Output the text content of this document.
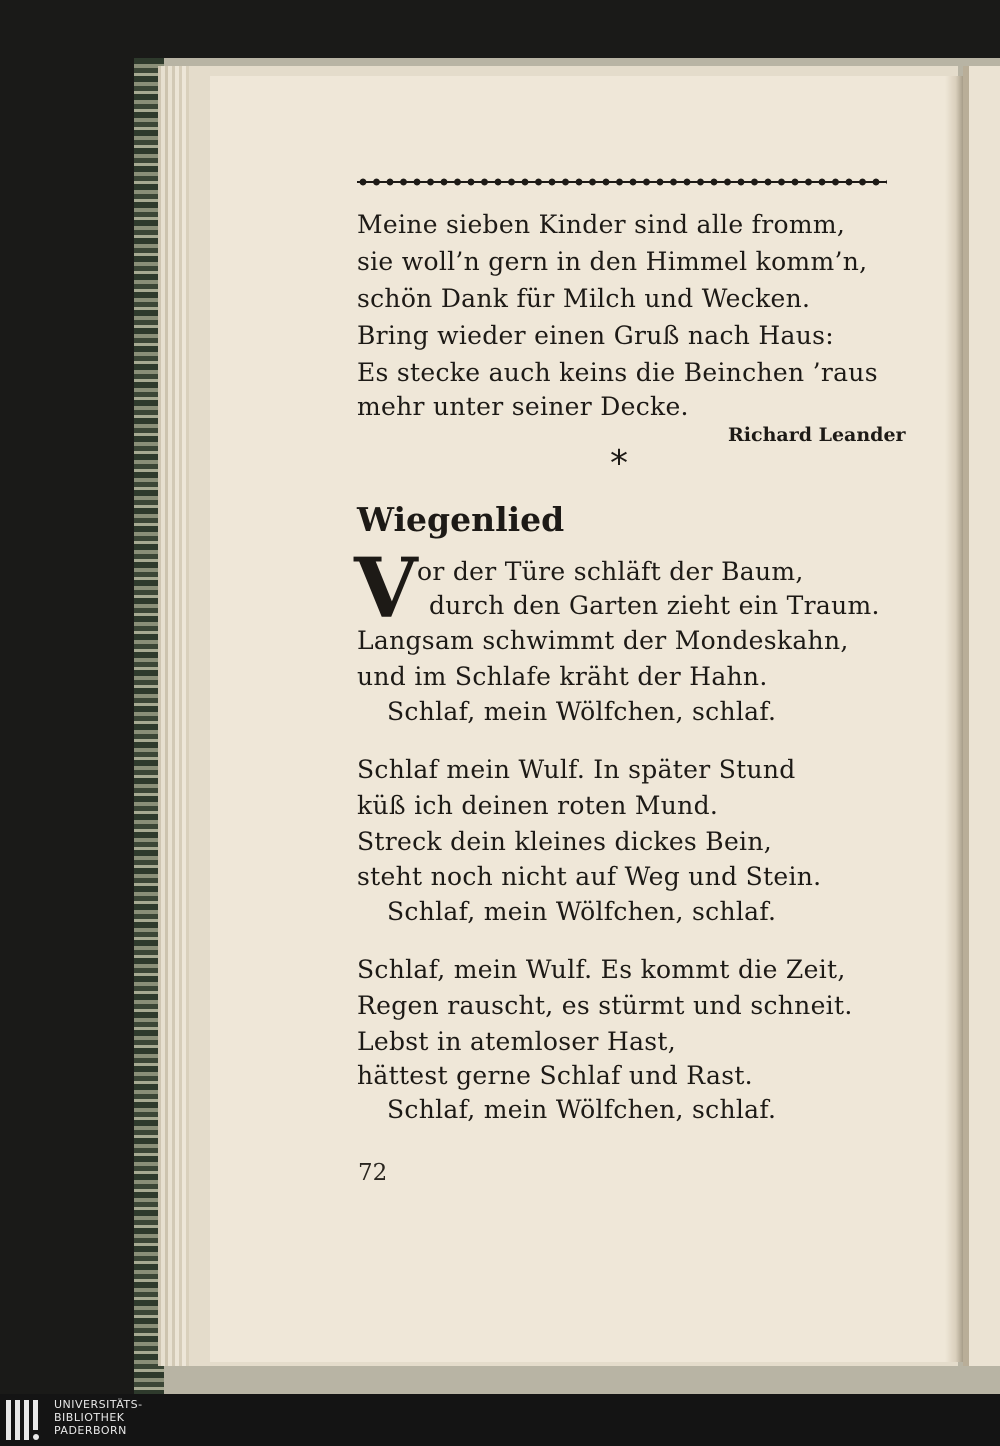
Meine sieben Kinder sind alle fromm,
sie woll’n gern in den Himmel komm’n,
schön Dank für Milch und Wecken.
Bring wieder einen Gruß nach Haus:
Es stecke auch keins die Beinchen ’raus
mehr unter seiner Decke.
Richard Leander
*
Wiegenlied
V or der Türe schläft der Baum,
durch den Garten zieht ein Traum.
Langsam schwimmt der Mondeskahn,
und im Schlafe kräht der Hahn.
Schlaf, mein Wölfchen, schlaf.
Schlaf mein Wulf. In später Stund
küß ich deinen roten Mund.
Streck dein kleines dickes Bein,
steht noch nicht auf Weg und Stein.
Schlaf, mein Wölfchen, schlaf.
Schlaf, mein Wulf. Es kommt die Zeit,
Regen rauscht, es stürmt und schneit.
Lebst in atemloser Hast,
hättest gerne Schlaf und Rast.
Schlaf, mein Wölfchen, schlaf.
72
UNIVERSITÄTS-
BIBLIOTHEK
PADERBORN
